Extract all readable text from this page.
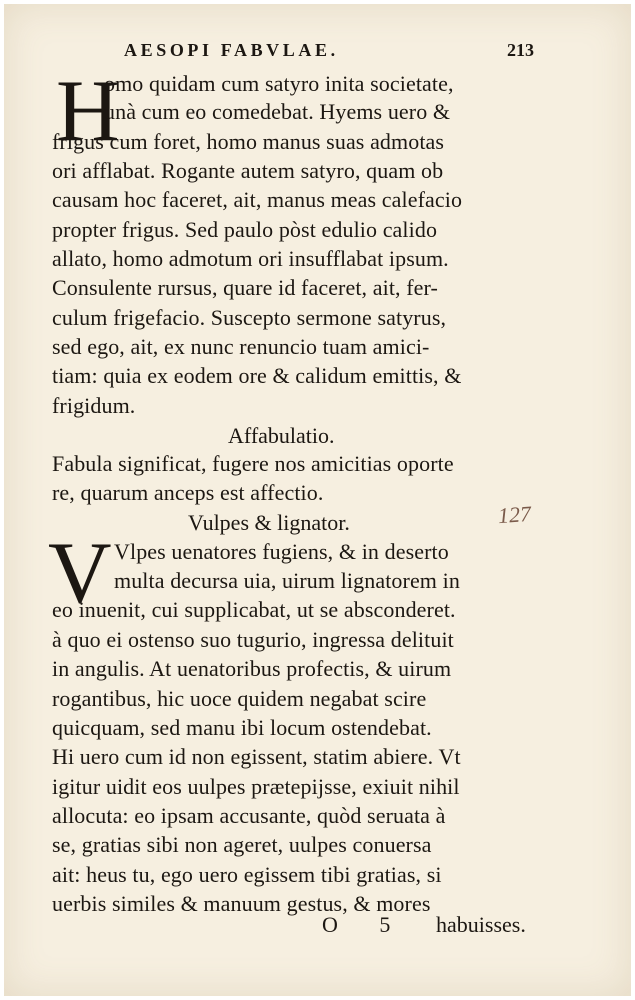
AESOPI FABVLAE.	213
H
omo quidam cum satyro inita societate,
unà cum eo comedebat. Hyems uero &
frigus cum foret, homo manus suas admotas
ori afflabat. Rogante autem satyro, quam ob
causam hoc faceret, ait, manus meas calefacio
propter frigus. Sed paulo pòst edulio calido
allato, homo admotum ori insufflabat ipsum.
Consulente rursus, quare id faceret, ait, fer-
culum frigefacio. Suscepto sermone satyrus,
sed ego, ait, ex nunc renuncio tuam amici-
tiam: quia ex eodem ore & calidum emittis, &
frigidum.
Affabulatio.
Fabula significat, fugere nos amicitias oporte
re, quarum anceps est affectio.
Vulpes & lignator.	127
V Vlpes uenatores fugiens, & in deserto
multa decursa uia, uirum lignatorem in
eo inuenit, cui supplicabat, ut se absconderet.
à quo ei ostenso suo tugurio, ingressa delituit
in angulis. At uenatoribus profectis, & uirum
rogantibus, hic uoce quidem negabat scire
quicquam, sed manu ibi locum ostendebat.
Hi uero cum id non egissent, statim abiere. Vt
igitur uidit eos uulpes prætерijsse, exiuit nihil
allocuta: eo ipsam accusante, quòd seruata à
se, gratias sibi non ageret, uulpes conuersa
ait: heus tu, ego uero egissem tibi gratias, si
uerbis similes & manuum gestus, & mores
O 5 habuisses.
